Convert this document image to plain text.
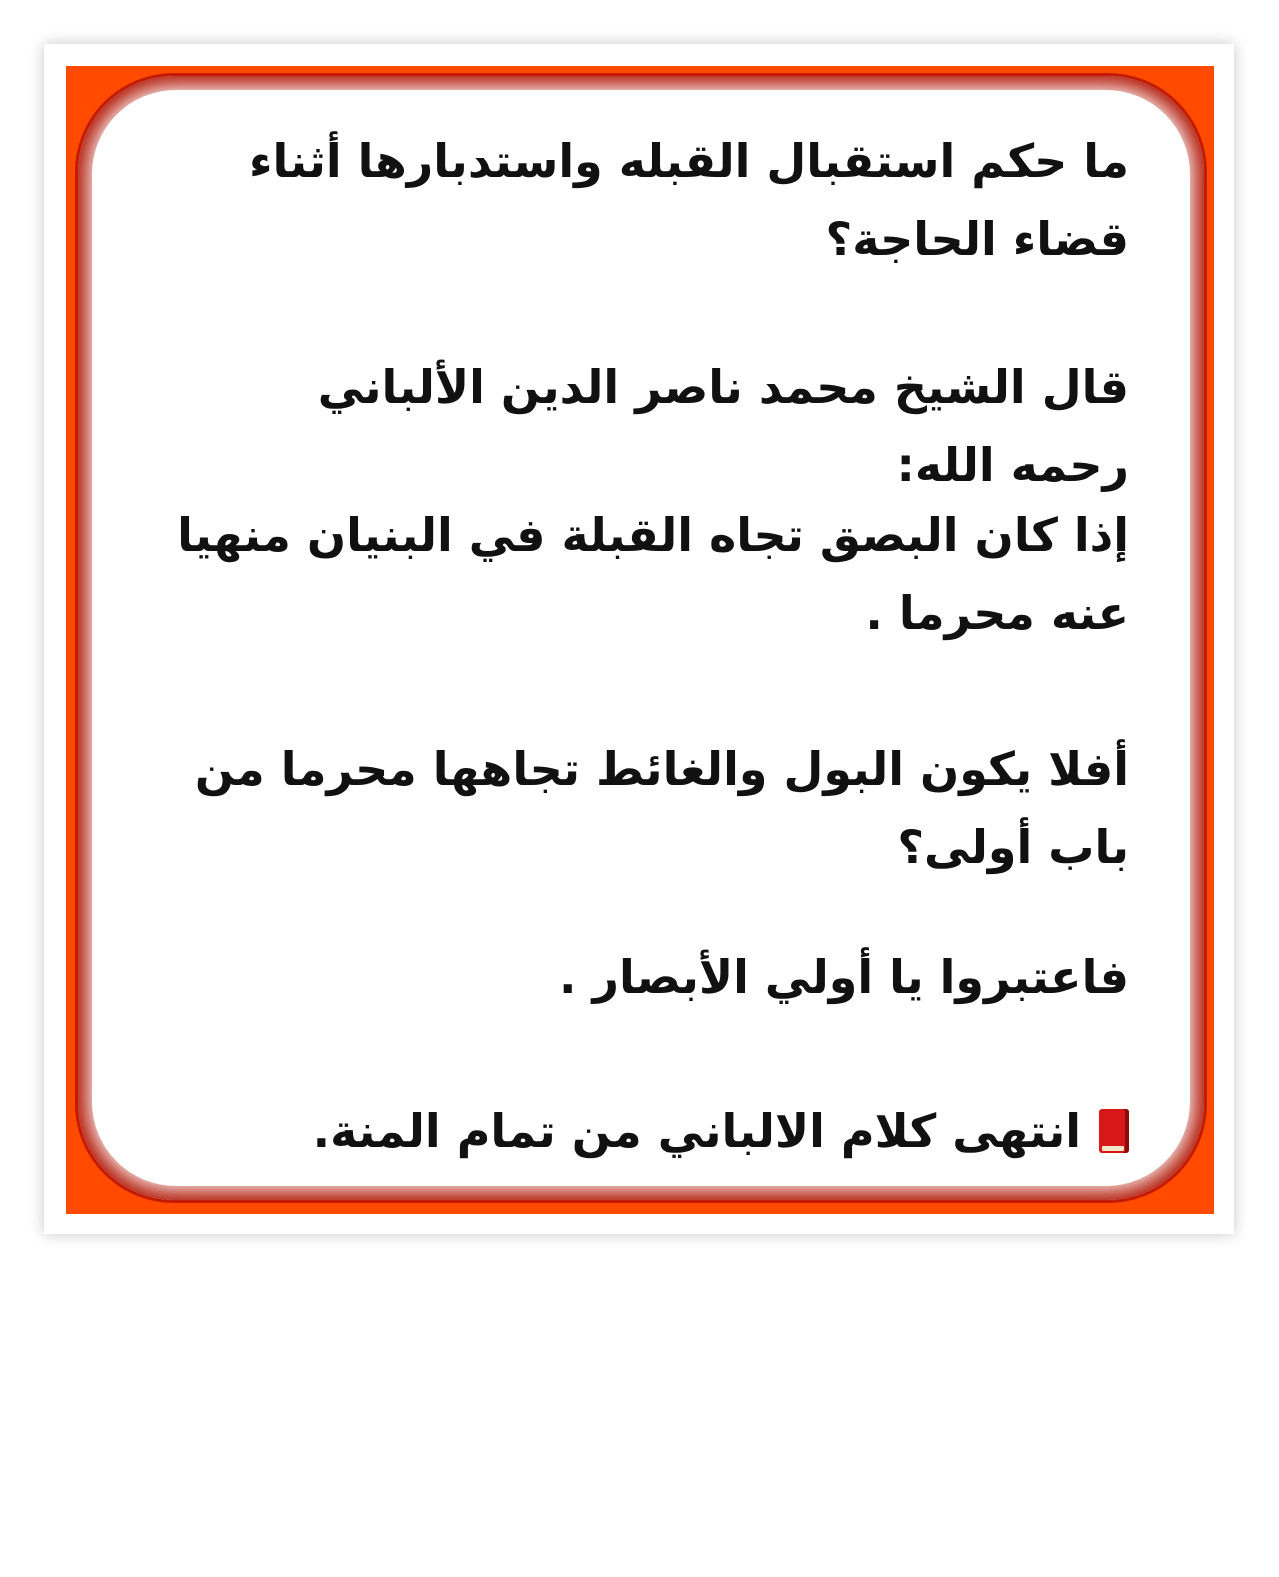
ما حكم استقبال القبله واستدبارها أثناء قضاء الحاجة؟

قال الشيخ محمد ناصر الدين الألباني  رحمه الله:

إذا كان البصق تجاه القبلة في البنيان منهيا عنه محرما .

أفلا يكون البول والغائط تجاهها محرما من باب أولى؟

فاعتبروا يا أولي الأبصار .

انتهى كلام الالباني من تمام المنة.
